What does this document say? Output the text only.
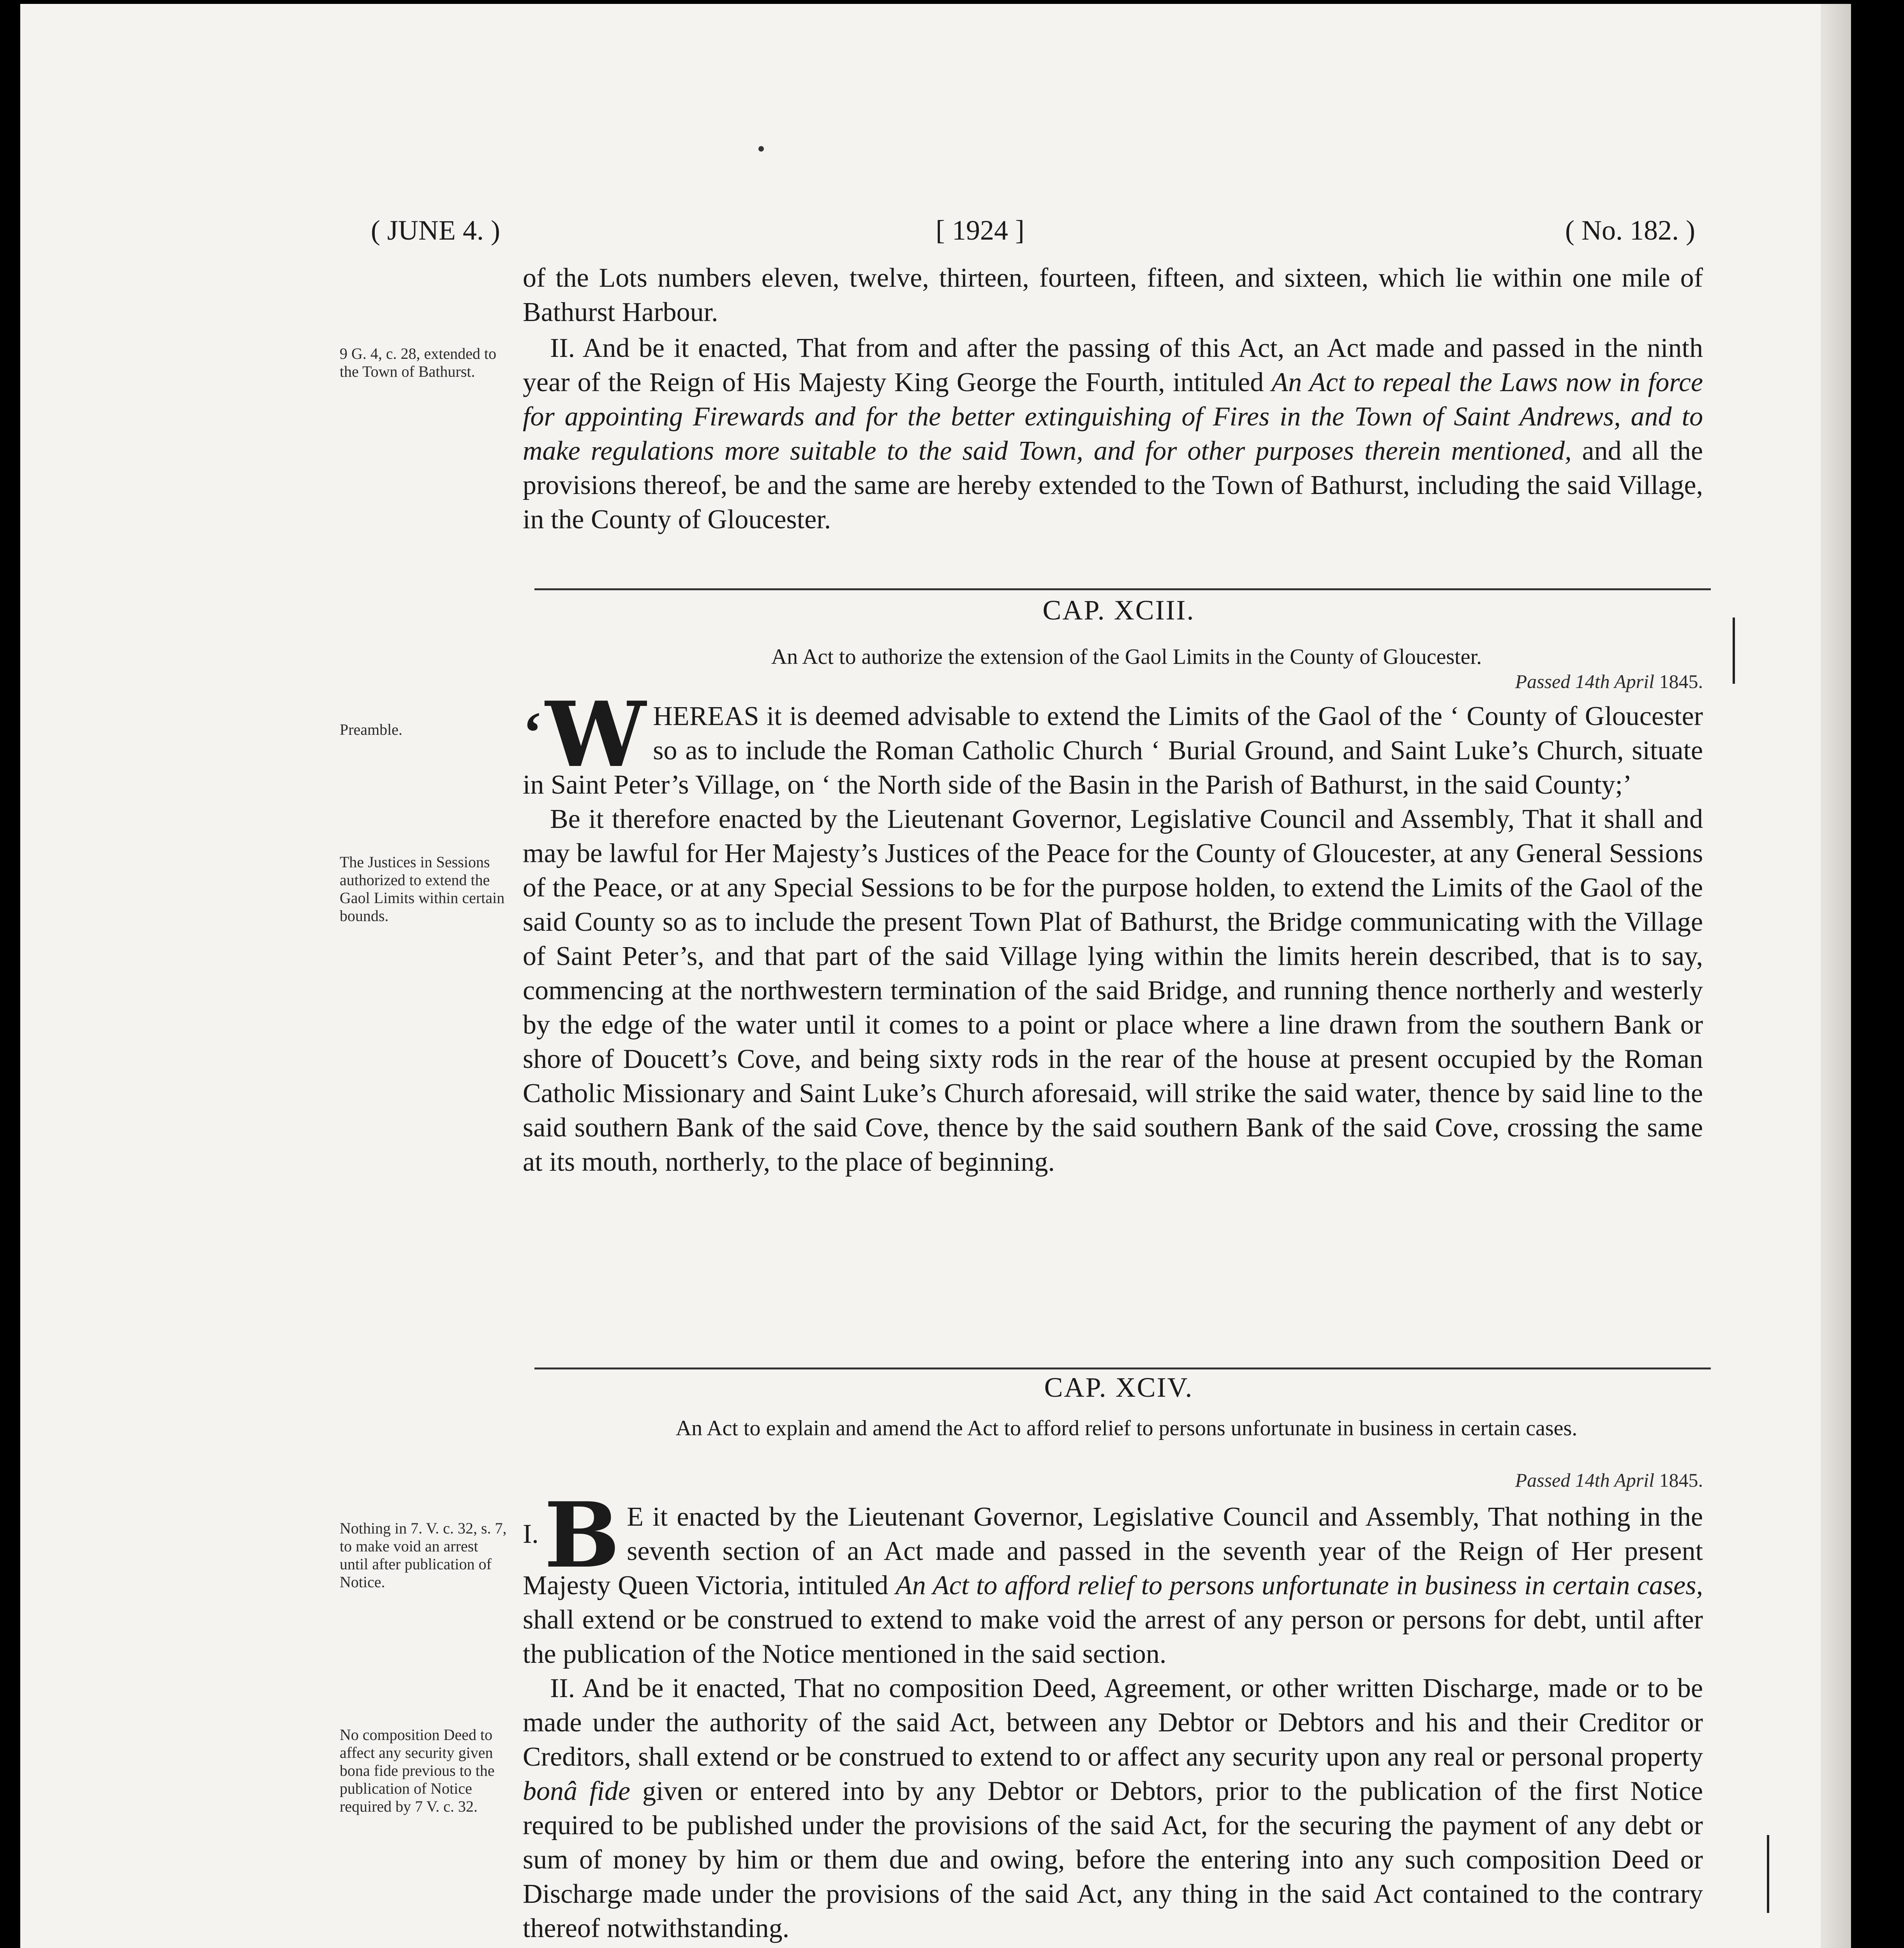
( JUNE 4. )	[ 1924 ]	( No. 182. )

of the Lots numbers eleven, twelve, thirteen, fourteen, fifteen, and sixteen, which lie within one mile of Bathurst Harbour.

9 G. 4, c. 28, extended to the Town of Bathurst.

II. And be it enacted, That from and after the passing of this Act, an Act made and passed in the ninth year of the Reign of His Majesty King George the Fourth, intituled An Act to repeal the Laws now in force for appointing Firewards and for the better extinguishing of Fires in the Town of Saint Andrews, and to make regulations more suitable to the said Town, and for other purposes therein mentioned, and all the provisions thereof, be and the same are hereby extended to the Town of Bathurst, including the said Village, in the County of Gloucester.

CAP. XCIII.
An Act to authorize the extension of the Gaol Limits in the County of Gloucester.
Passed 14th April 1845.
Preamble.
The Justices in Sessions authorized to extend the Gaol Limits within certain bounds.

‘ W HEREAS it is deemed advisable to extend the Limits of the Gaol of the ‘ County of Gloucester so as to include the Roman Catholic Church ‘ Burial Ground, and Saint Luke’s Church, situate in Saint Peter’s Village, on ‘ the North side of the Basin in the Parish of Bathurst, in the said County;’

Be it therefore enacted by the Lieutenant Governor, Legislative Council and Assembly, That it shall and may be lawful for Her Majesty’s Justices of the Peace for the County of Gloucester, at any General Sessions of the Peace, or at any Special Sessions to be for the purpose holden, to extend the Limits of the Gaol of the said County so as to include the present Town Plat of Bathurst, the Bridge communicating with the Village of Saint Peter’s, and that part of the said Village lying within the limits herein described, that is to say, commencing at the northwestern termination of the said Bridge, and running thence northerly and westerly by the edge of the water until it comes to a point or place where a line drawn from the southern Bank or shore of Doucett’s Cove, and being sixty rods in the rear of the house at present occupied by the Roman Catholic Missionary and Saint Luke’s Church aforesaid, will strike the said water, thence by said line to the said southern Bank of the said Cove, thence by the said southern Bank of the said Cove, crossing the same at its mouth, northerly, to the place of beginning.

CAP. XCIV.
An Act to explain and amend the Act to afford relief to persons unfortunate in business in certain cases.
Passed 14th April 1845.
Nothing in 7. V. c. 32, s. 7, to make void an arrest until after publication of Notice.
No composition Deed to affect any security given bona fide previous to the publication of Notice required by 7 V. c. 32.

I. B E it enacted by the Lieutenant Governor, Legislative Council and Assembly, That nothing in the seventh section of an Act made and passed in the seventh year of the Reign of Her present Majesty Queen Victoria, intituled An Act to afford relief to persons unfortunate in business in certain cases, shall extend or be construed to extend to make void the arrest of any person or persons for debt, until after the publication of the Notice mentioned in the said section.

II. And be it enacted, That no composition Deed, Agreement, or other written Discharge, made or to be made under the authority of the said Act, between any Debtor or Debtors and his and their Creditor or Creditors, shall extend or be construed to extend to or affect any security upon any real or personal property bonâ fide given or entered into by any Debtor or Debtors, prior to the publication of the first Notice required to be published under the provisions of the said Act, for the securing the payment of any debt or sum of money by him or them due and owing, before the entering into any such composition Deed or Discharge made under the provisions of the said Act, any thing in the said Act contained to the contrary thereof notwithstanding.
